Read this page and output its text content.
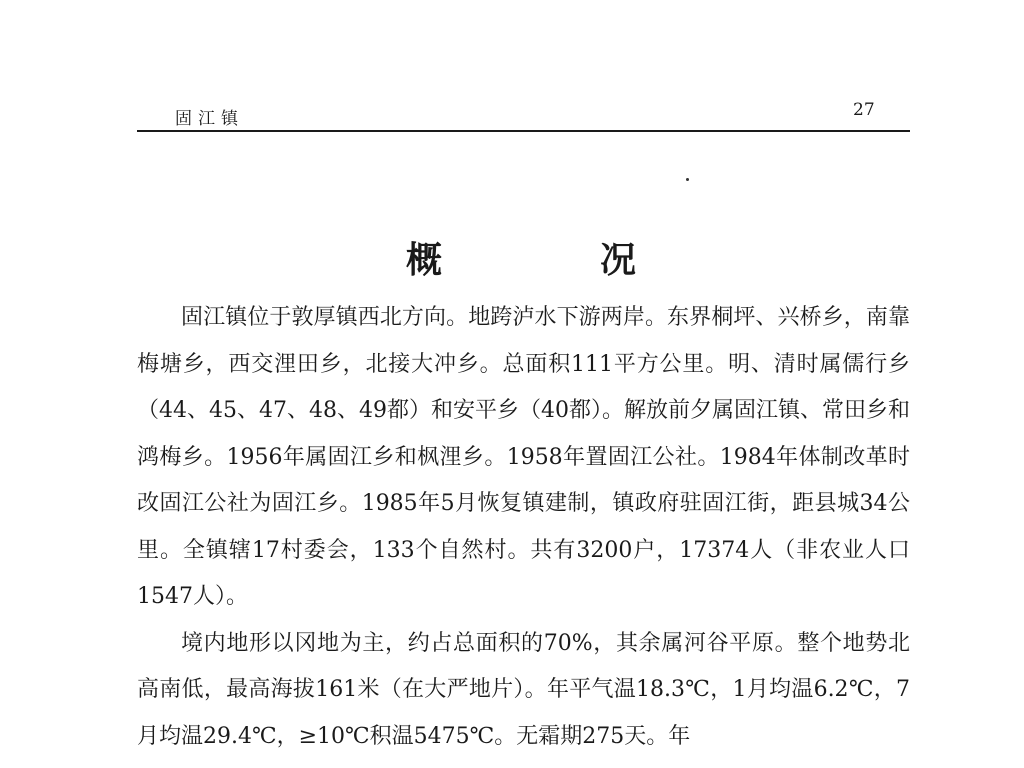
固江镇	27
概	况

固江镇位于敦厚镇西北方向。地跨泸水下游两岸。东界桐坪、兴桥乡，南靠梅塘乡，西交浬田乡，北接大冲乡。总面积111平方公里。明、清时属儒行乡（44、45、47、48、49都）和安平乡（40都）。解放前夕属固江镇、常田乡和鸿梅乡。1956年属固江乡和枫浬乡。1958年置固江公社。1984年体制改革时改固江公社为固江乡。1985年5月恢复镇建制，镇政府驻固江街，距县城34公里。全镇辖17村委会，133个自然村。共有3200户，17374人（非农业人口1547人）。

境内地形以冈地为主，约占总面积的70%，其余属河谷平原。整个地势北高南低，最高海拔161米（在大严地片）。年平气温18.3℃，1月均温6.2℃，7月均温29.4℃，≥10℃积温5475℃。无霜期275天。年
